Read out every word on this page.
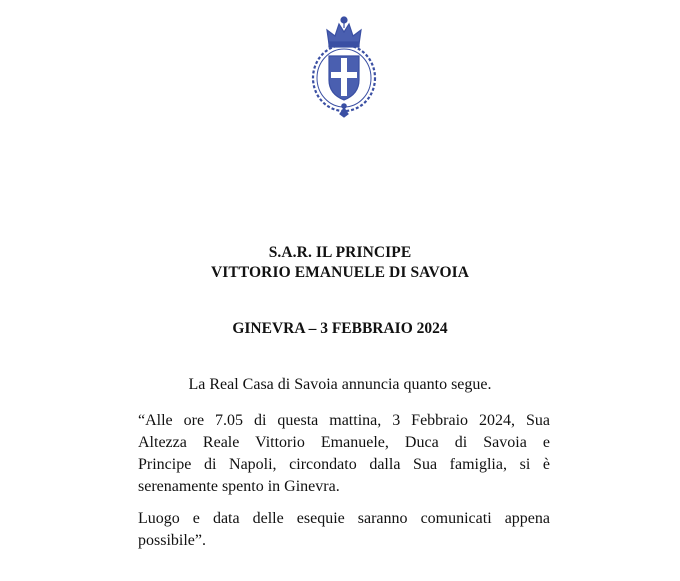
S.A.R. IL PRINCIPE
VITTORIO EMANUELE DI SAVOIA
GINEVRA – 3 FEBBRAIO 2024
La Real Casa di Savoia annuncia quanto segue.
“Alle ore 7.05 di questa mattina, 3 Febbraio 2024, Sua
Altezza Reale Vittorio Emanuele, Duca di Savoia e
Principe di Napoli, circondato dalla Sua famiglia, si è
serenamente spento in Ginevra.
Luogo e data delle esequie saranno comunicati appena
possibile”.
